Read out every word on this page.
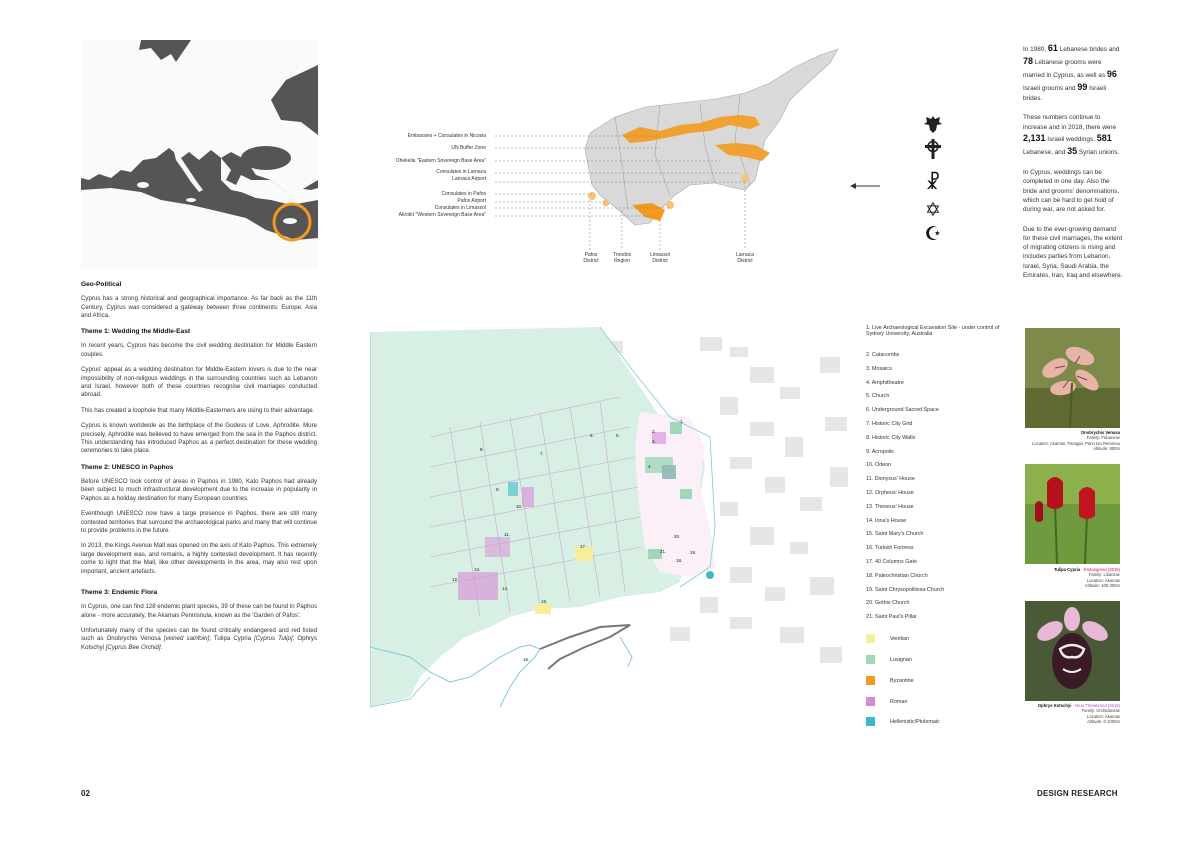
Geo-Political

Cyprus has a strong historical and geographical importance. As far back as the 11th Century, Cyprus was considered a gateway between three continents: Europe, Asia and Africa.

Theme 1: Wedding the Middle-East

In recent years, Cyprus has become the civil wedding destination for Middle Eastern couples.

Cyprus' appeal as a wedding destination for Middle-Eastern lovers is due to the near impossibility of non-religous weddings in the surrounding countries such as Lebanon and Israel, however both of these countries recognise civil marriages conducted abroad.

This has created a loophole that many Middle-Easterners are using to their advantage.

Cyprus is known worldwide as the birthplace of the Godess of Love, Aphrodite. More precisely, Aphrodite was believed to have emerged from the sea in the Paphos district. This understanding has introduced Paphos as a perfect destination for these wedding ceremonies to take place.

Theme 2: UNESCO in Paphos

Before UNESCO took control of areas in Paphos in 1980, Kato Paphos had already been subject to much infrastructural development due to the increase in popularity in Paphos as a holiday destination for many European countries.

Eventhough UNESCO now have a large presence in Paphos, there are still many contested territories that surround the archaeological parks and many that will continue to provide problems in the future.

In 2013, the Kings Avenue Mall was opened on the axis of Kato Paphos. This extremely large development was, and remains, a highly contested development. It has recently come to light that the Mall, like other developments in the area, may also rest upon important, ancient artefacts.

Theme 3: Endemic Flora

In Cyprus, one can find 128 endemic plant species, 39 of these can be found in Paphos alone - more accurately, the Akamas Pennisnula, known as the 'Garden of Pafos'.

Unfortunately many of the species can be found critically endangered and red listed such as Onobrychis Venosa [veined sainfoin]; Tulipa Cypria [Cyprus Tulip]; Ophrys Kotschyi [Cyprus Bee Orchid].

Embassies + Consulates in Nicosia
UN Buffer Zone
Dhekelia "Eastern Sovereign Base Area"
Consulates in Larnaca
Larnaca Airport
Consulates in Pafos
Pafos Airport
Consulates in Limassol
Akrotiri "Western Sovereign Base Area"
Pafos
District
Troodos
Region
Limassol
District
Larnaca
District
☧
✡
☪

In 1980, 61 Lebanese brides and 78 Lebanese grooms were married in Cyprus, as well as 96 Israeli grooms and 99 Israeli brides.

These numbers continue to increase and in 2018, there were 2,131 Israeli weddings, 581 Lebanese, and 35 Syrian unions.

In Cyprus, weddings can be completed in one day. Also the bride and grooms' denominations, which can be hard to get hold of during war, are not asked for.

Due to the ever-growing demand for these civil marriages, the extent of migrating citizens is rising and includes parties from Lebanon, Israel, Syria, Saudi Arabia, the Emirates, Iran, Iraq and elsewhere.

1.
2.
3.
4.
5.
6.
7.
8.
9.
10.
11.
12.
13.
14.
15.
16.
17.
18.
19.
20.
21.
1. Live Archaeological Excavation Site - under control of Sydney University, Australia
2. Catacombs
3. Mosaics
4. Amphitheatre
5. Church
6. Underground Sacred Space
7. Historic City Grid
8. Historic City Walls
9. Acropolis
10. Odeon
11. Dionysus' House
12. Orpheus' House
13. Theseus' House
14. Iona's House
15. Saint Mary's Church
16. Turkish Fortress
17. 40 Columns Gate
18. Paleochristian Church
19. Saint Chrysopolitissa Church
20. Gothis Church
21. Saint Paul's Pillar
Venitian
Lusignan
Byzantine
Roman
Hellenistic/Ptolemaic
Onobrychis Venosa
Family: Fabaceae
Location: Akamas, Panagia, Pano tou Remmou
Altitude: 800m
Tulipa Cypria - Endangered (2018)
Family: Liliaceae
Location: Akamas
Altitude: 100-300m
Ophrys Kotschyi - Near Threatened (2018)
Family: Orchidaceae
Location: Akamas
Altitude: 0-1000m
02	DESIGN RESEARCH
